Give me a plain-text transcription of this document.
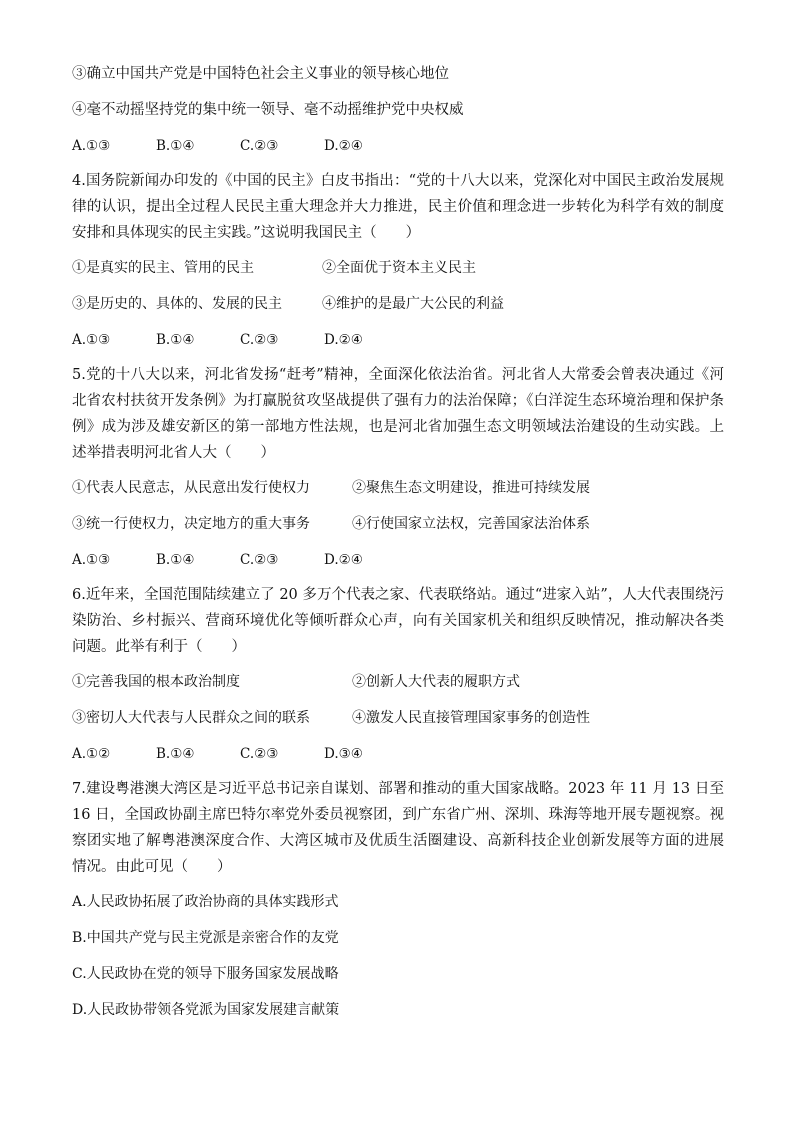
③确立中国共产党是中国特色社会主义事业的领导核心地位

④毫不动摇坚持党的集中统一领导、毫不动摇维护党中央权威

A.①③	B.①④	C.②③	D.②④

4.国务院新闻办印发的《中国的民主》白皮书指出：“党的十八大以来，党深化对中国民主政治发展规律的认识，提出全过程人民民主重大理念并大力推进，民主价值和理念进一步转化为科学有效的制度安排和具体现实的民主实践。”这说明我国民主（　　）

①是真实的民主、管用的民主	②全面优于资本主义民主
③是历史的、具体的、发展的民主	④维护的是最广大公民的利益
A.①③	B.①④	C.②③	D.②④

5.党的十八大以来，河北省发扬“赶考”精神，全面深化依法治省。河北省人大常委会曾表决通过《河北省农村扶贫开发条例》为打赢脱贫攻坚战提供了强有力的法治保障；《白洋淀生态环境治理和保护条例》成为涉及雄安新区的第一部地方性法规，也是河北省加强生态文明领域法治建设的生动实践。上述举措表明河北省人大（　　）

①代表人民意志，从民意出发行使权力	②聚焦生态文明建设，推进可持续发展
③统一行使权力，决定地方的重大事务	④行使国家立法权，完善国家法治体系
A.①③	B.①④	C.②③	D.②④

6.近年来，全国范围陆续建立了 20 多万个代表之家、代表联络站。通过“进家入站”，人大代表围绕污染防治、乡村振兴、营商环境优化等倾听群众心声，向有关国家机关和组织反映情况，推动解决各类问题。此举有利于（　　）

①完善我国的根本政治制度	②创新人大代表的履职方式
③密切人大代表与人民群众之间的联系	④激发人民直接管理国家事务的创造性
A.①②	B.①④	C.②③	D.③④

7.建设粤港澳大湾区是习近平总书记亲自谋划、部署和推动的重大国家战略。2023 年 11 月 13 日至 16 日，全国政协副主席巴特尔率党外委员视察团，到广东省广州、深圳、珠海等地开展专题视察。视察团实地了解粤港澳深度合作、大湾区城市及优质生活圈建设、高新科技企业创新发展等方面的进展情况。由此可见（　　）

A.人民政协拓展了政治协商的具体实践形式

B.中国共产党与民主党派是亲密合作的友党

C.人民政协在党的领导下服务国家发展战略

D.人民政协带领各党派为国家发展建言献策
